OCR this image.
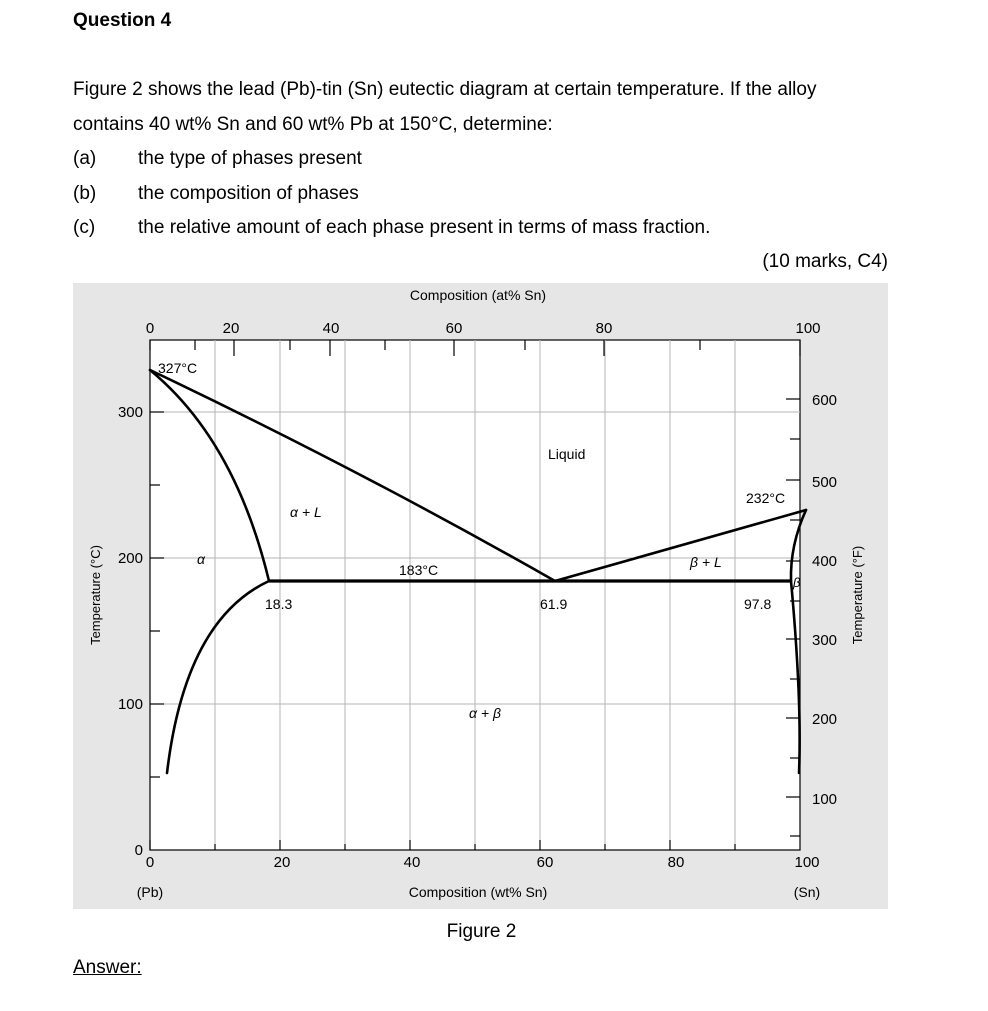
Question 4
Figure 2 shows the lead (Pb)-tin (Sn) eutectic diagram at certain temperature. If the alloy
contains 40 wt% Sn and 60 wt% Pb at 150°C, determine:
(a) the type of phases present
(b) the composition of phases
(c) the relative amount of each phase present in terms of mass fraction.
(10 marks, C4)
Composition (at% Sn)
0	20	40	60	80	100
0	20	40	60	80	100
Composition (wt% Sn)
(Pb)	(Sn)
0
100
200
300
Temperature (°C)
100
200
300
400
500
600
Temperature (°F)
327°C
232°C
183°C
18.3	61.9	97.8
Liquid
α + L
β + L
α + β
α
β
Figure 2
Answer:
